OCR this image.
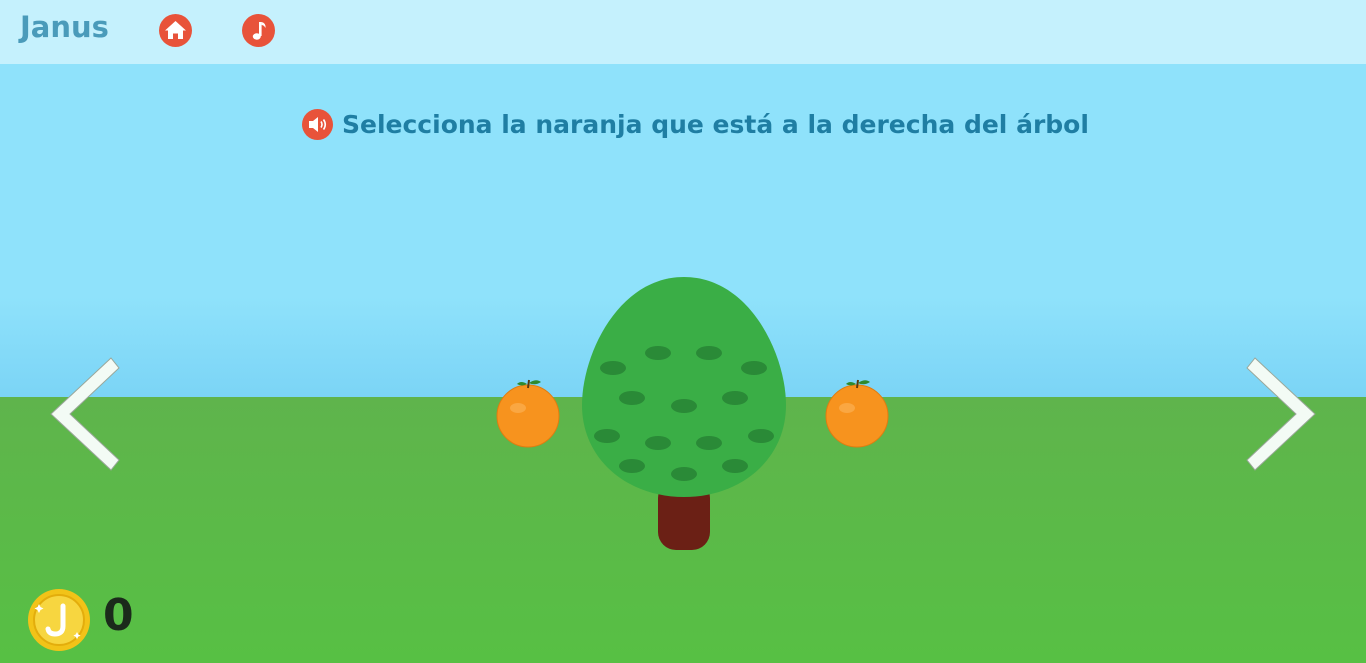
Janus
Selecciona la naranja que está a la derecha del árbol
0
